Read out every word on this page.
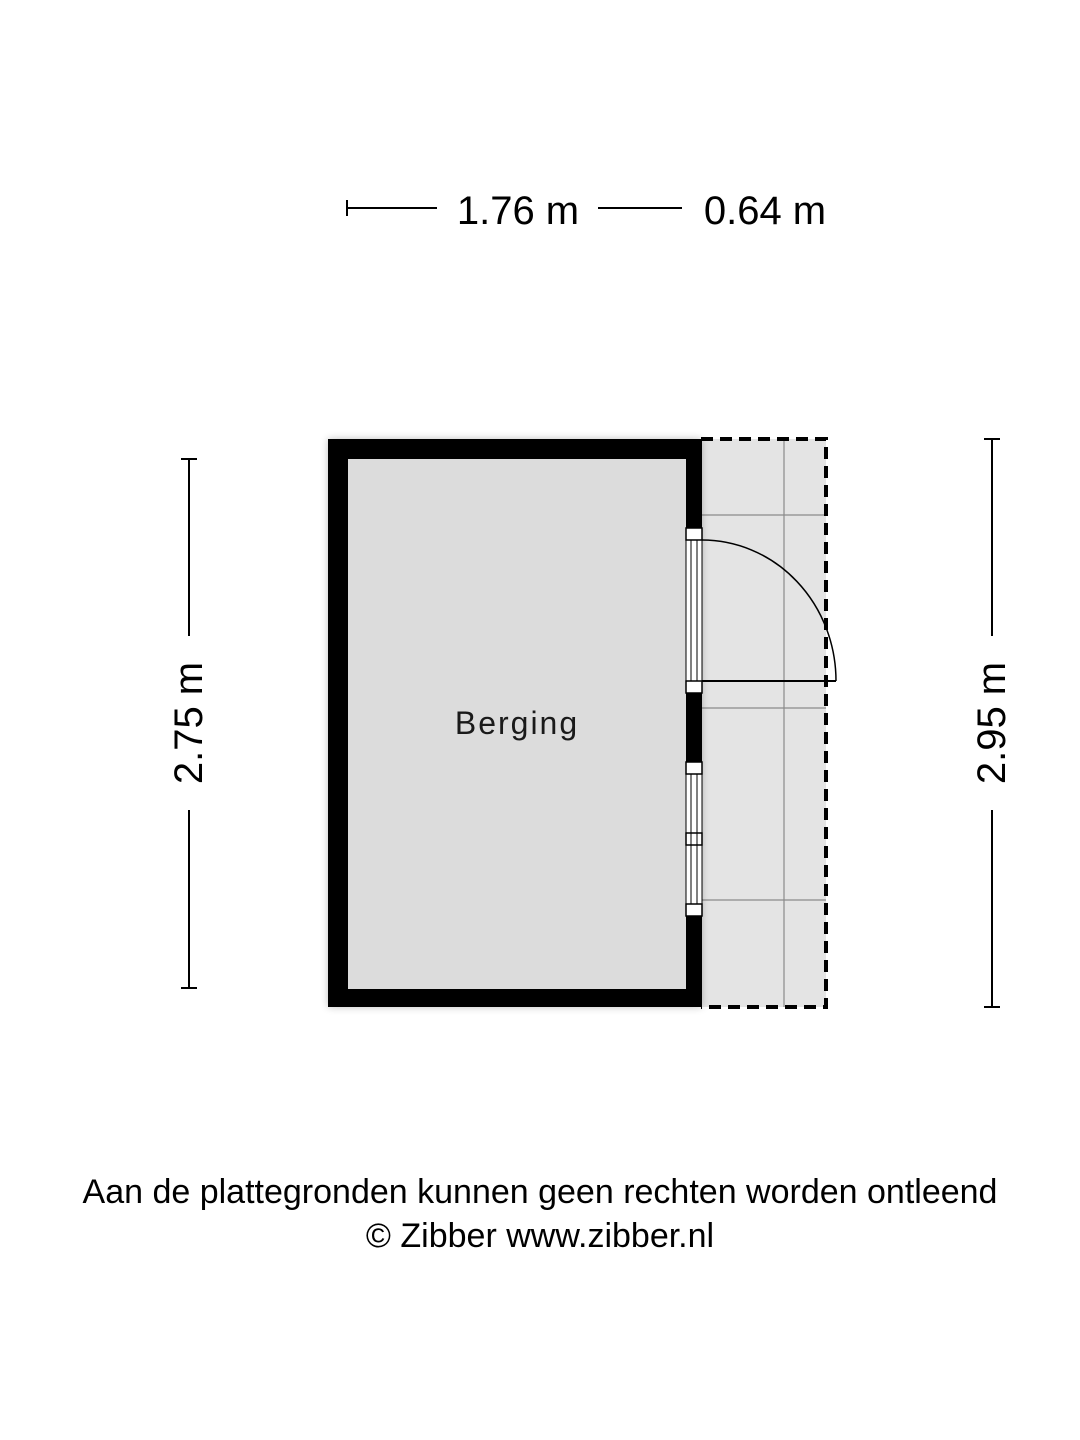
1.76 m	0.64 m
2.75 m	2.95 m
Berging
Aan de plattegronden kunnen geen rechten worden ontleend
© Zibber www.zibber.nl
